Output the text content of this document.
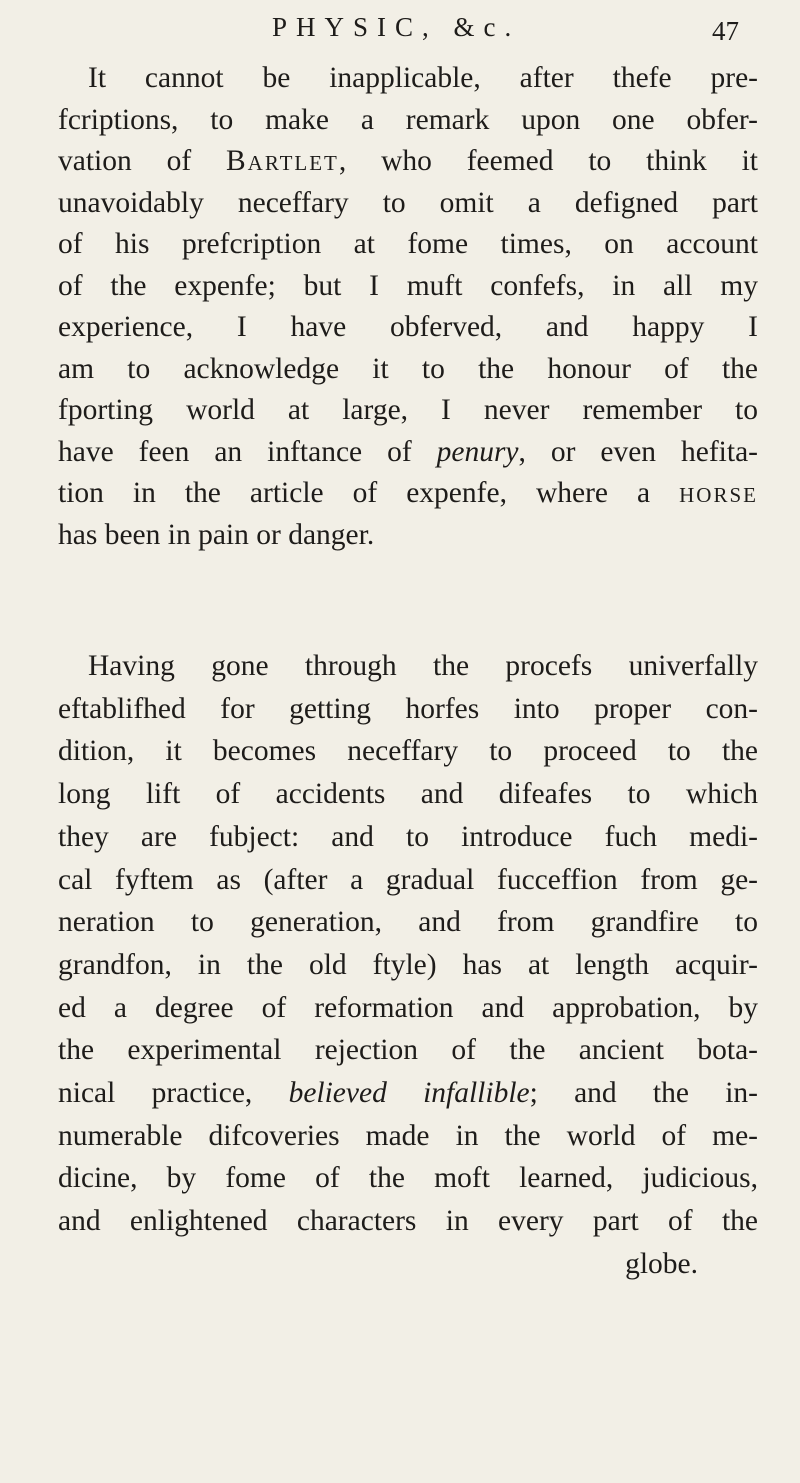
PHYSIC, &c.	47
It cannot be inapplicable, after thefe pre-
fcriptions, to make a remark upon one obfer-
vation of Bartlet, who feemed to think it
unavoidably neceffary to omit a defigned part
of his prefcription at fome times, on account
of the expenfe; but I muft confefs, in all my
experience, I have obferved, and happy I
am to acknowledge it to the honour of the
fporting world at large, I never remember to
have feen an inftance of penury, or even hefita-
tion in the article of expenfe, where a horse
has been in pain or danger.
Having gone through the procefs univerfally
eftablifhed for getting horfes into proper con-
dition, it becomes neceffary to proceed to the
long lift of accidents and difeafes to which
they are fubject: and to introduce fuch medi-
cal fyftem as (after a gradual fucceffion from ge-
neration to generation, and from grandfire to
grandfon, in the old ftyle) has at length acquir-
ed a degree of reformation and approbation, by
the experimental rejection of the ancient bota-
nical practice, believed infallible; and the in-
numerable difcoveries made in the world of me-
dicine, by fome of the moft learned, judicious,
and enlightened characters in every part of the
globe.
